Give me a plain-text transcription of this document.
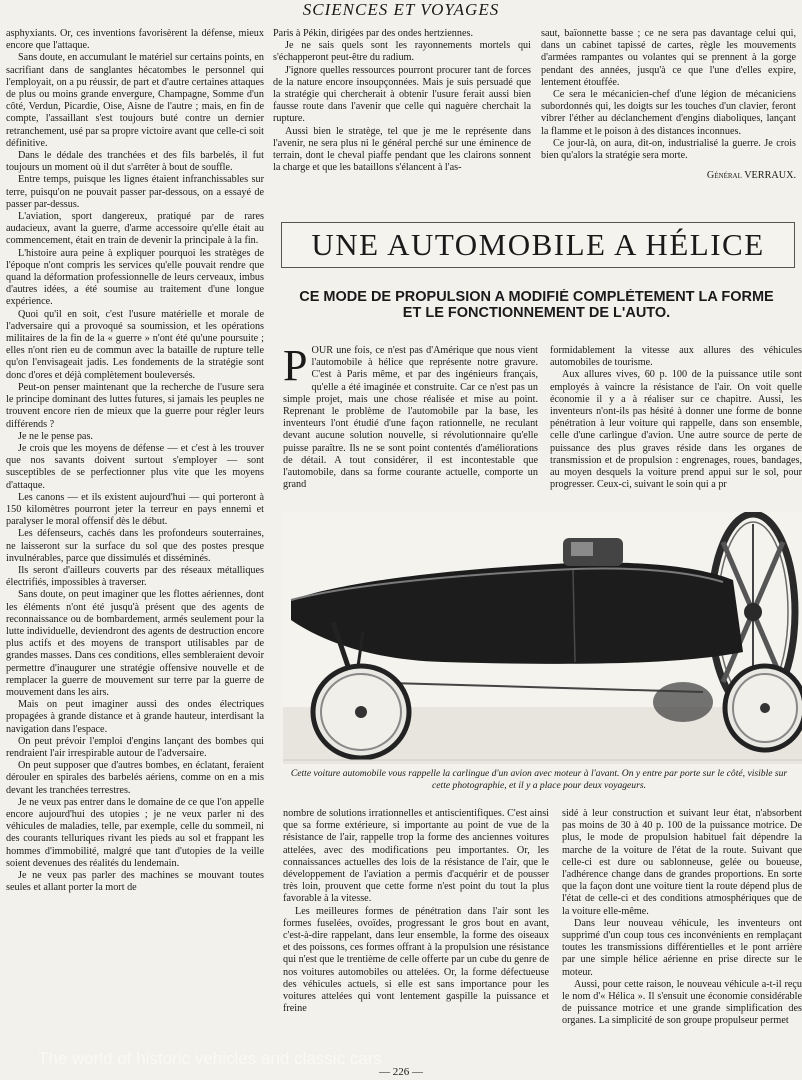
SCIENCES ET VOYAGES

asphyxiants. Or, ces inventions favorisèrent la défense, mieux encore que l'attaque.

Sans doute, en accumulant le matériel sur certains points, en sacrifiant dans de sanglantes hécatombes le personnel qui l'employait, on a pu réussir, de part et d'autre certaines attaques de plus ou moins grande envergure, Champagne, Somme d'un côté, Verdun, Picardie, Oise, Aisne de l'autre ; mais, en fin de compte, l'assaillant s'est toujours buté contre un dernier retranchement, usé par sa propre victoire avant que celle-ci soit définitive.

Dans le dédale des tranchées et des fils barbelés, il fut toujours un moment où il dut s'arrêter à bout de souffle.

Entre temps, puisque les lignes étaient infranchissables sur terre, puisqu'on ne pouvait passer par-dessous, on a essayé de passer par-dessus.

L'aviation, sport dangereux, pratiqué par de rares audacieux, avant la guerre, d'arme accessoire qu'elle était au commencement, était en train de devenir la principale à la fin.

L'histoire aura peine à expliquer pourquoi les stratèges de l'époque n'ont compris les services qu'elle pouvait rendre que quand la déformation professionnelle de leurs cerveaux, imbus d'autres idées, a été soumise au traitement d'une longue expérience.

Quoi qu'il en soit, c'est l'usure matérielle et morale de l'adversaire qui a provoqué sa soumission, et les opérations militaires de la fin de la « guerre » n'ont été qu'une poursuite ; elles n'ont rien eu de commun avec la bataille de rupture telle qu'on l'envisageait jadis. Les fondements de la stratégie sont donc d'ores et déjà complètement bouleversés.

Peut-on penser maintenant que la recherche de l'usure sera le principe dominant des luttes futures, si jamais les peuples ne trouvent encore rien de mieux que la guerre pour régler leurs différends ?

Je ne le pense pas.

Je crois que les moyens de défense — et c'est à les trouver que nos savants doivent surtout s'employer — sont susceptibles de se perfectionner plus vite que les moyens d'attaque.

Les canons — et ils existent aujourd'hui — qui porteront à 150 kilomètres pourront jeter la terreur en pays ennemi et paralyser le moral offensif dès le début.

Les défenseurs, cachés dans les profondeurs souterraines, ne laisseront sur la surface du sol que des postes presque invulnérables, parce que dissimulés et disséminés.

Ils seront d'ailleurs couverts par des réseaux métalliques électrifiés, impossibles à traverser.

Sans doute, on peut imaginer que les flottes aériennes, dont les éléments n'ont été jusqu'à présent que des agents de reconnaissance ou de bombardement, armés seulement pour la lutte individuelle, deviendront des agents de destruction encore plus actifs et des moyens de transport utilisables par de grandes masses. Dans ces conditions, elles sembleraient devoir permettre d'inaugurer une stratégie offensive nouvelle et de remplacer la guerre de mouvement sur terre par la guerre de mouvement dans les airs.

Mais on peut imaginer aussi des ondes électriques propagées à grande distance et à grande hauteur, interdisant la navigation dans l'espace.

On peut prévoir l'emploi d'engins lançant des bombes qui rendraient l'air irrespirable autour de l'adversaire.

On peut supposer que d'autres bombes, en éclatant, feraient dérouler en spirales des barbelés aériens, comme on en a mis devant les tranchées terrestres.

Je ne veux pas entrer dans le domaine de ce que l'on appelle encore aujourd'hui des utopies ; je ne veux parler ni des véhicules de maladies, telle, par exemple, celle du sommeil, ni des courants telluriques rivant les pieds au sol et frappant les hommes d'immobilité, malgré que tant d'utopies de la veille soient devenues des réalités du lendemain.

Je ne veux pas parler des machines se mouvant toutes seules et allant porter la mort de

Paris à Pékin, dirigées par des ondes hertziennes.

Je ne sais quels sont les rayonnements mortels qui s'échapperont peut-être du radium.

J'ignore quelles ressources pourront procurer tant de forces de la nature encore insoupçonnées. Mais je suis persuadé que la stratégie qui chercherait à obtenir l'usure ferait aussi bien fausse route dans l'avenir que celle qui naguère cherchait la rupture.

Aussi bien le stratège, tel que je me le représente dans l'avenir, ne sera plus ni le général perché sur une éminence de terrain, dont le cheval piaffe pendant que les clairons sonnent la charge et que les bataillons s'élancent à l'as-

saut, baïonnette basse ; ce ne sera pas davantage celui qui, dans un cabinet tapissé de cartes, règle les mouvements d'armées rampantes ou volantes qui se prennent à la gorge pendant des années, jusqu'à ce que l'une d'elles expire, lentement étouffée.

Ce sera le mécanicien-chef d'une légion de mécaniciens subordonnés qui, les doigts sur les touches d'un clavier, feront vibrer l'éther au déclanchement d'engins diaboliques, lançant la flamme et le poison à des distances inconnues.

Ce jour-là, on aura, dit-on, industrialisé la guerre. Je crois bien qu'alors la stratégie sera morte.

Général VERRAUX.
UNE AUTOMOBILE A HÉLICE
CE MODE DE PROPULSION A MODIFIÉ COMPLÈTEMENT LA FORME
ET LE FONCTIONNEMENT DE L'AUTO.
P OUR une fois, ce n'est pas d'Amérique que nous vient l'automobile à hélice que représente notre gravure. C'est à Paris même, et par des ingénieurs français, qu'elle a été imaginée et construite. Car ce n'est pas un simple projet, mais une chose réalisée et mise au point. Reprenant le problème de l'automobile par la base, les inventeurs l'ont étudié d'une façon rationnelle, ne reculant devant aucune solution nouvelle, si révolutionnaire qu'elle puisse paraître. Ils ne se sont point contentés d'améliorations de détail. A tout considérer, il est incontestable que l'automobile, dans sa forme courante actuelle, comporte un grand

formidablement la vitesse aux allures des véhicules automobiles de tourisme.

Aux allures vives, 60 p. 100 de la puissance utile sont employés à vaincre la résistance de l'air. On voit quelle économie il y a à réaliser sur ce chapitre. Aussi, les inventeurs n'ont-ils pas hésité à donner une forme de bonne pénétration à leur voiture qui rappelle, dans son ensemble, celle d'une carlingue d'avion. Une autre source de perte de puissance des plus graves réside dans les organes de transmission et de propulsion : engrenages, roues, bandages, au moyen desquels la voiture prend appui sur le sol, pour progresser. Ceux-ci, suivant le soin qui a pr

Cette voiture automobile vous rappelle la carlingue d'un avion avec moteur à l'avant. On y entre par porte sur le côté, visible sur cette photographie, et il y a place pour deux voyageurs.

nombre de solutions irrationnelles et antiscientifiques. C'est ainsi que sa forme extérieure, si importante au point de vue de la résistance de l'air, rappelle trop la forme des anciennes voitures attelées, avec des modifications peu importantes. Or, les connaissances actuelles des lois de la résistance de l'air, que le développement de l'aviation a permis d'acquérir et de pousser très loin, prouvent que cette forme n'est point du tout la plus favorable à la vitesse.

Les meilleures formes de pénétration dans l'air sont les formes fuselées, ovoïdes, progressant le gros bout en avant, c'est-à-dire rappelant, dans leur ensemble, la forme des oiseaux et des poissons, ces formes offrant à la propulsion une résistance qui n'est que le trentième de celle offerte par un cube du genre de nos voitures automobiles ou attelées. Or, la forme défectueuse des véhicules actuels, si elle est sans importance pour les voitures attelées qui vont lentement gaspille la puissance et freine

sidé à leur construction et suivant leur état, n'absorbent pas moins de 30 à 40 p. 100 de la puissance motrice. De plus, le mode de propulsion habituel fait dépendre la marche de la voiture de l'état de la route. Suivant que celle-ci est dure ou sablonneuse, gelée ou boueuse, l'adhérence change dans de grandes proportions. En sorte que la façon dont une voiture tient la route dépend plus de l'état de celle-ci et des conditions atmosphériques que de la voiture elle-même.

Dans leur nouveau véhicule, les inventeurs ont supprimé d'un coup tous ces inconvénients en remplaçant toutes les transmissions différentielles et le pont arrière par une simple hélice aérienne en prise directe sur le moteur.

Aussi, pour cette raison, le nouveau véhicule a-t-il reçu le nom d'« Hélica ». Il s'ensuit une économie considérable de puissance motrice et une grande simplification des organes. La simplicité de son groupe propulseur permet

The world of historic vehicles and classic cars
— 226 —
